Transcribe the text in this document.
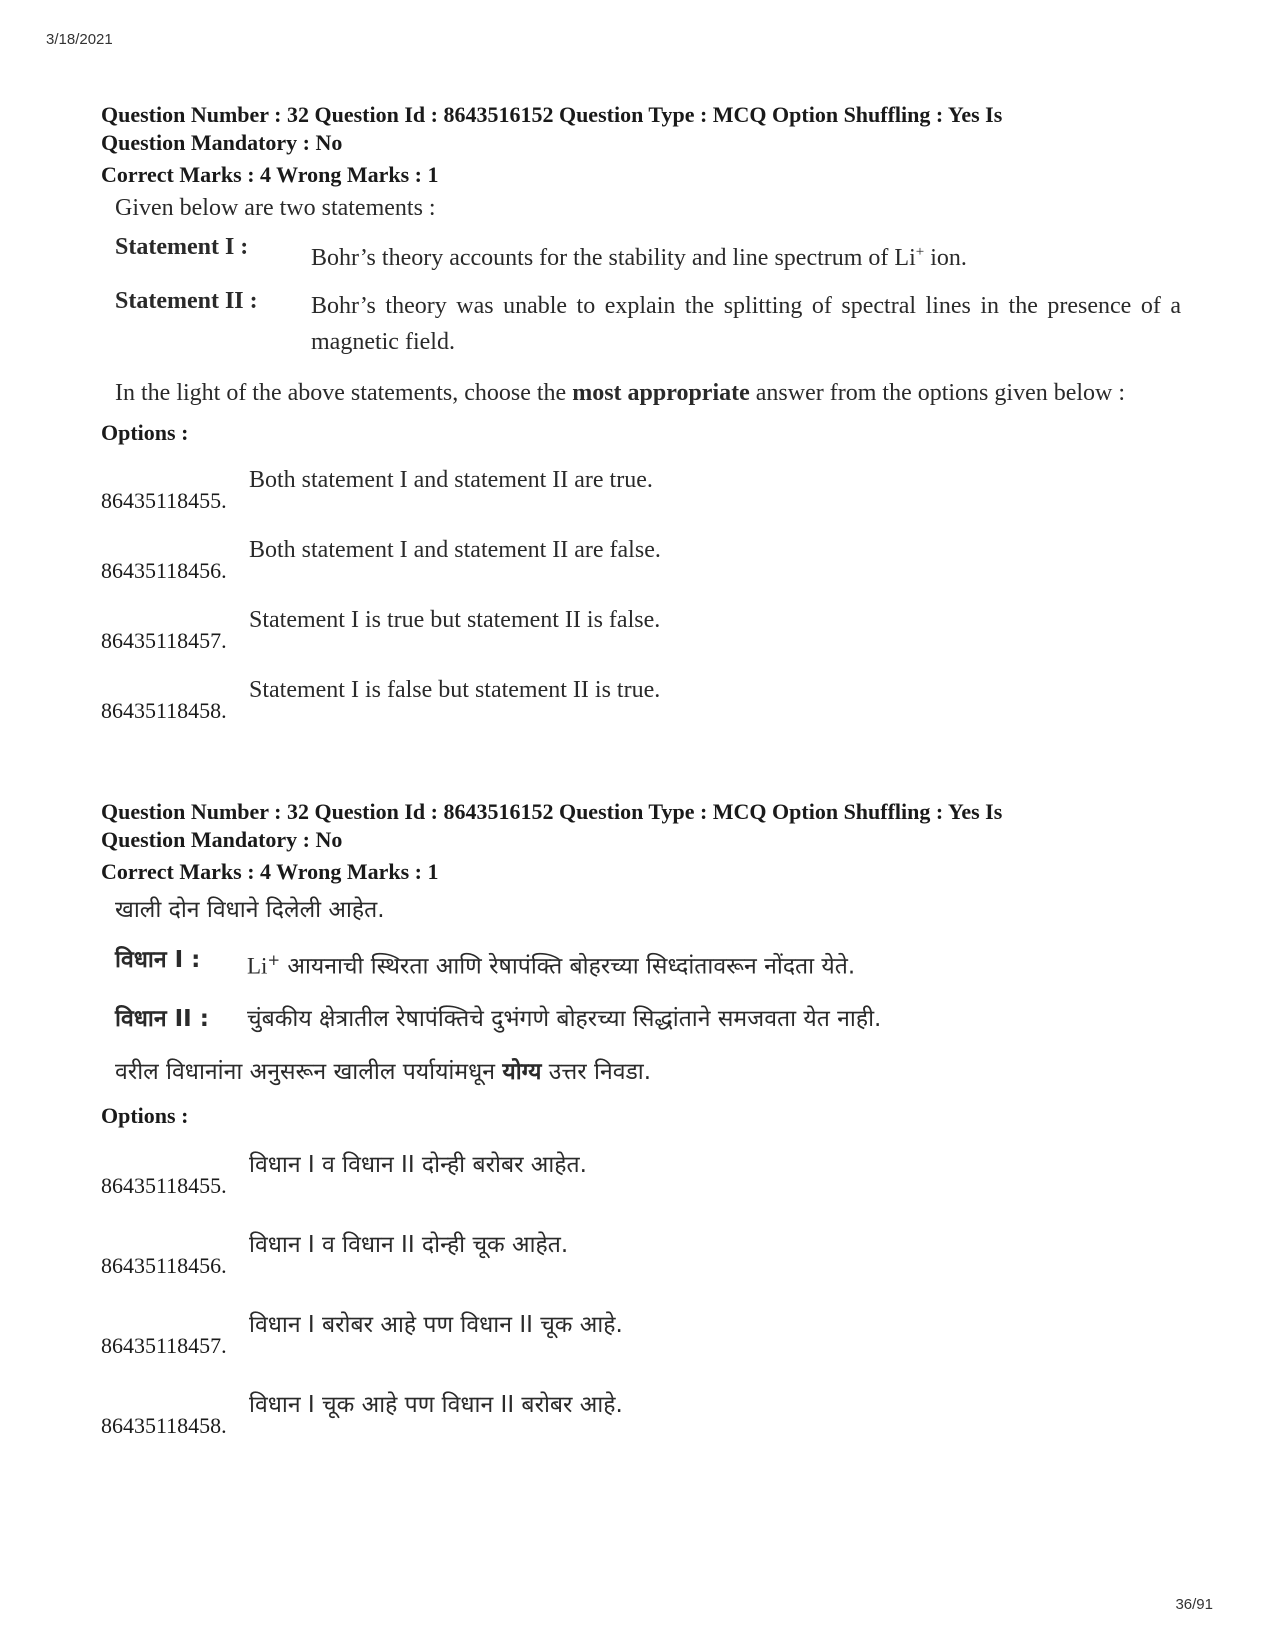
3/18/2021

Question Number : 32 Question Id : 8643516152 Question Type : MCQ Option Shuffling : Yes Is

Question Mandatory : No

Correct Marks : 4 Wrong Marks : 1

Given below are two statements :

Statement I :	Bohr’s theory accounts for the stability and line spectrum of Li+ ion.
Statement II :	Bohr’s theory was unable to explain the splitting of spectral lines in the presence of a magnetic field.

In the light of the above statements, choose the most appropriate answer from the options given below :

Options :

86435118455.
Both statement I and statement II are true.
86435118456.
Both statement I and statement II are false.
86435118457.
Statement I is true but statement II is false.
86435118458.
Statement I is false but statement II is true.

Question Number : 32 Question Id : 8643516152 Question Type : MCQ Option Shuffling : Yes Is

Question Mandatory : No

Correct Marks : 4 Wrong Marks : 1

खाली दोन विधाने दिलेली आहेत.

विधान I :	Li+ आयनाची स्थिरता आणि रेषापंक्ति बोहरच्या सिध्दांतावरून नोंदता येते.
विधान II :	चुंबकीय क्षेत्रातील रेषापंक्तिचे दुभंगणे बोहरच्या सिद्धांताने समजवता येत नाही.

वरील विधानांना अनुसरून खालील पर्यायांमधून योग्य उत्तर निवडा.

Options :

86435118455.
विधान I व विधान II दोन्ही बरोबर आहेत.
86435118456.
विधान I व विधान II दोन्ही चूक आहेत.
86435118457.
विधान I बरोबर आहे पण विधान II चूक आहे.
86435118458.
विधान I चूक आहे पण विधान II बरोबर आहे.
36/91
